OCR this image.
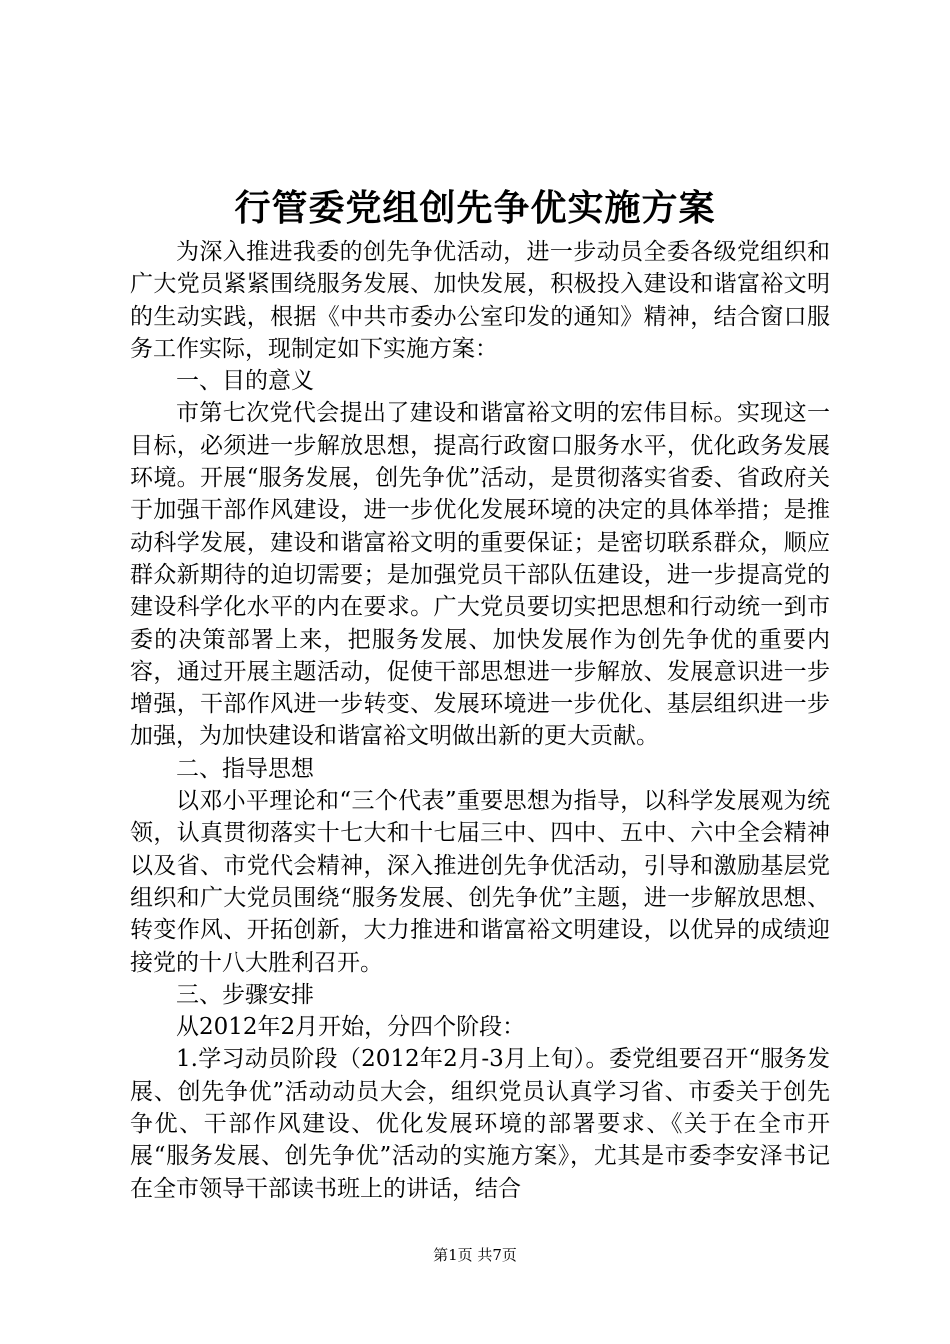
行管委党组创先争优实施方案

为深入推进我委的创先争优活动，进一步动员全委各级党组织和广大党员紧紧围绕服务发展、加快发展，积极投入建设和谐富裕文明的生动实践，根据《中共市委办公室印发的通知》精神，结合窗口服务工作实际，现制定如下实施方案：

一、目的意义

市第七次党代会提出了建设和谐富裕文明的宏伟目标。实现这一目标，必须进一步解放思想，提高行政窗口服务水平，优化政务发展环境。开展“服务发展，创先争优”活动，是贯彻落实省委、省政府关于加强干部作风建设，进一步优化发展环境的决定的具体举措；是推动科学发展，建设和谐富裕文明的重要保证；是密切联系群众，顺应群众新期待的迫切需要；是加强党员干部队伍建设，进一步提高党的建设科学化水平的内在要求。广大党员要切实把思想和行动统一到市委的决策部署上来，把服务发展、加快发展作为创先争优的重要内容，通过开展主题活动，促使干部思想进一步解放、发展意识进一步增强，干部作风进一步转变、发展环境进一步优化、基层组织进一步加强，为加快建设和谐富裕文明做出新的更大贡献。

二、指导思想

以邓小平理论和“三个代表”重要思想为指导，以科学发展观为统领，认真贯彻落实十七大和十七届三中、四中、五中、六中全会精神以及省、市党代会精神，深入推进创先争优活动，引导和激励基层党组织和广大党员围绕“服务发展、创先争优”主题，进一步解放思想、转变作风、开拓创新，大力推进和谐富裕文明建设，以优异的成绩迎接党的十八大胜利召开。

三、步骤安排

从2012年2月开始，分四个阶段：

1.学习动员阶段（2012年2月-3月上旬）。委党组要召开“服务发展、创先争优”活动动员大会，组织党员认真学习省、市委关于创先争优、干部作风建设、优化发展环境的部署要求、《关于在全市开展“服务发展、创先争优”活动的实施方案》，尤其是市委李安泽书记在全市领导干部读书班上的讲话，结合

第1页 共7页
